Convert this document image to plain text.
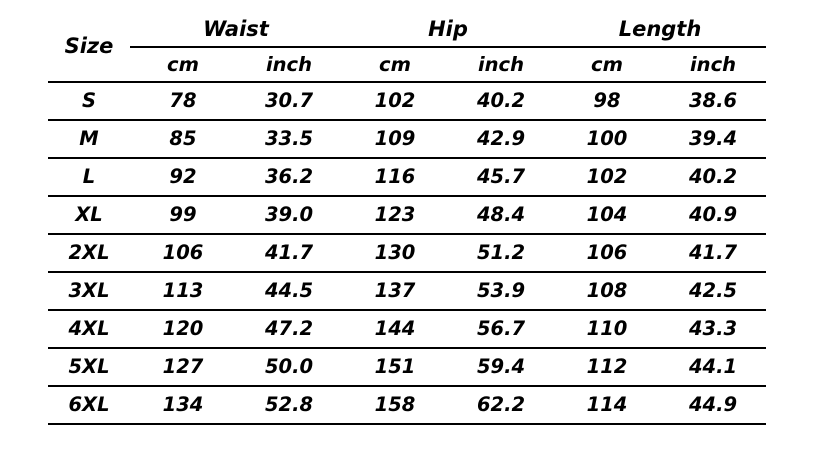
Size	Waist		Hip		Length	
	cm	inch	cm	inch	cm	inch
S	78	30.7	102	40.2	98	38.6
M	85	33.5	109	42.9	100	39.4
L	92	36.2	116	45.7	102	40.2
XL	99	39.0	123	48.4	104	40.9
2XL	106	41.7	130	51.2	106	41.7
3XL	113	44.5	137	53.9	108	42.5
4XL	120	47.2	144	56.7	110	43.3
5XL	127	50.0	151	59.4	112	44.1
6XL	134	52.8	158	62.2	114	44.9
